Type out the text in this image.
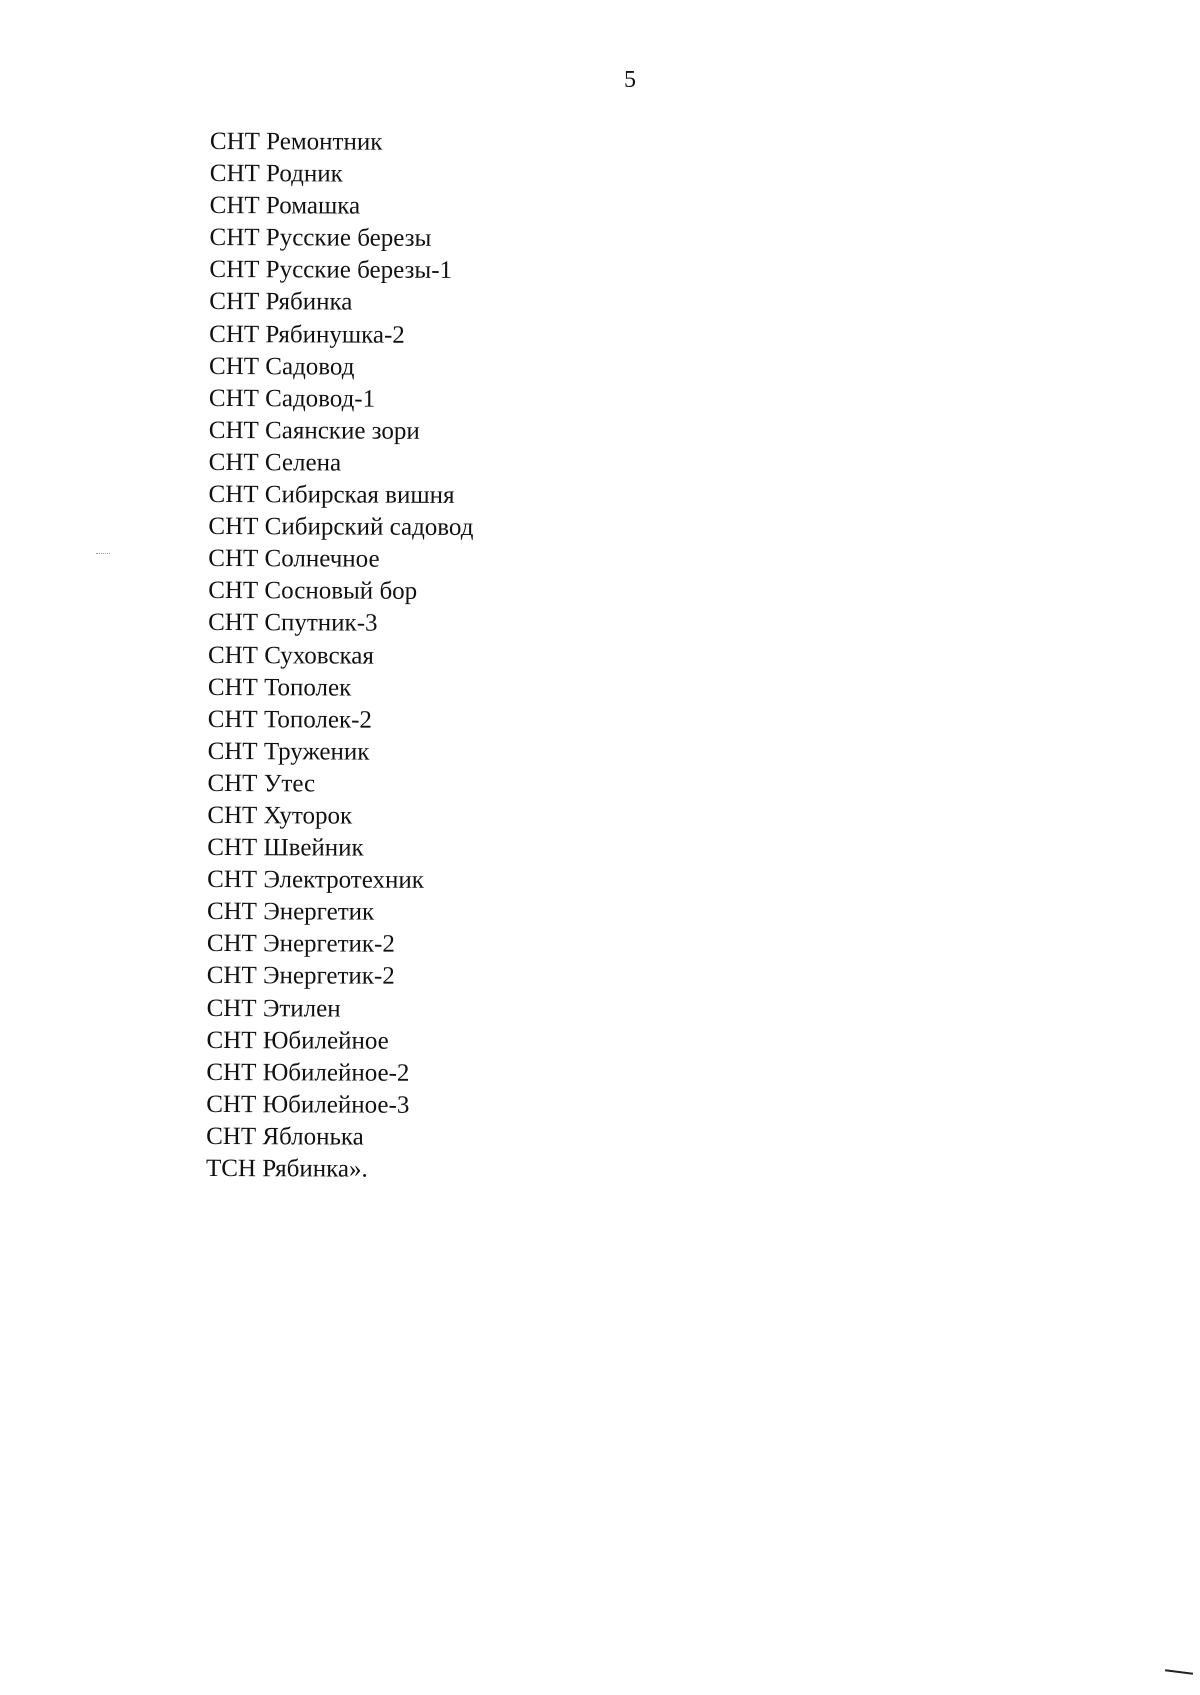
5
СНТ Ремонтник
СНТ Родник
СНТ Ромашка
СНТ Русские березы
СНТ Русские березы-1
СНТ Рябинка
СНТ Рябинушка-2
СНТ Садовод
СНТ Садовод-1
СНТ Саянские зори
СНТ Селена
СНТ Сибирская вишня
СНТ Сибирский садовод
СНТ Солнечное
СНТ Сосновый бор
СНТ Спутник-3
СНТ Суховская
СНТ Тополек
СНТ Тополек-2
СНТ Труженик
СНТ Утес
СНТ Хуторок
СНТ Швейник
СНТ Электротехник
СНТ Энергетик
СНТ Энергетик-2
СНТ Энергетик-2
СНТ Этилен
СНТ Юбилейное
СНТ Юбилейное-2
СНТ Юбилейное-3
СНТ Яблонька
ТСН Рябинка».
